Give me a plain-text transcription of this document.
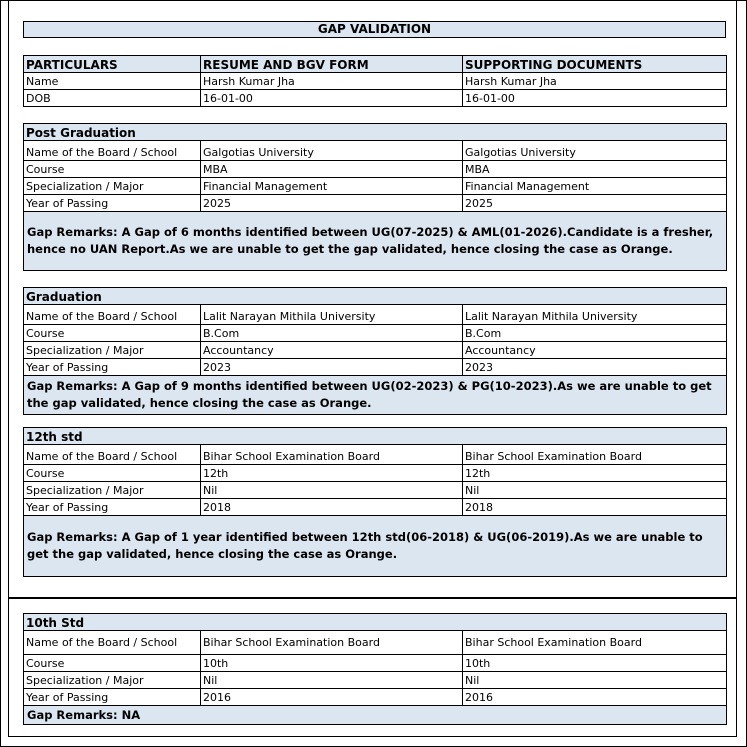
GAP VALIDATION
PARTICULARS	RESUME AND BGV FORM	SUPPORTING DOCUMENTS
Name	Harsh Kumar Jha	Harsh Kumar Jha
DOB	16-01-00	16-01-00
Post Graduation		
Name of the Board / School	Galgotias University	Galgotias University
Course	MBA	MBA
Specialization / Major	Financial Management	Financial Management
Year of Passing	2025	2025
Gap Remarks: A Gap of 6 months identified between UG(07-2025) & AML(01-2026).Candidate is a fresher, hence no UAN Report.As we are unable to get the gap validated, hence closing the case as Orange.		
Graduation		
Name of the Board / School	Lalit Narayan Mithila University	Lalit Narayan Mithila University
Course	B.Com	B.Com
Specialization / Major	Accountancy	Accountancy
Year of Passing	2023	2023
Gap Remarks: A Gap of 9 months identified between UG(02-2023) & PG(10-2023).As we are unable to get the gap validated, hence closing the case as Orange.		
12th std		
Name of the Board / School	Bihar School Examination Board	Bihar School Examination Board
Course	12th	12th
Specialization / Major	Nil	Nil
Year of Passing	2018	2018
Gap Remarks: A Gap of 1 year identified between 12th std(06-2018) & UG(06-2019).As we are unable to get the gap validated, hence closing the case as Orange.		
10th Std		
Name of the Board / School	Bihar School Examination Board	Bihar School Examination Board
Course	10th	10th
Specialization / Major	Nil	Nil
Year of Passing	2016	2016
Gap Remarks: NA		
